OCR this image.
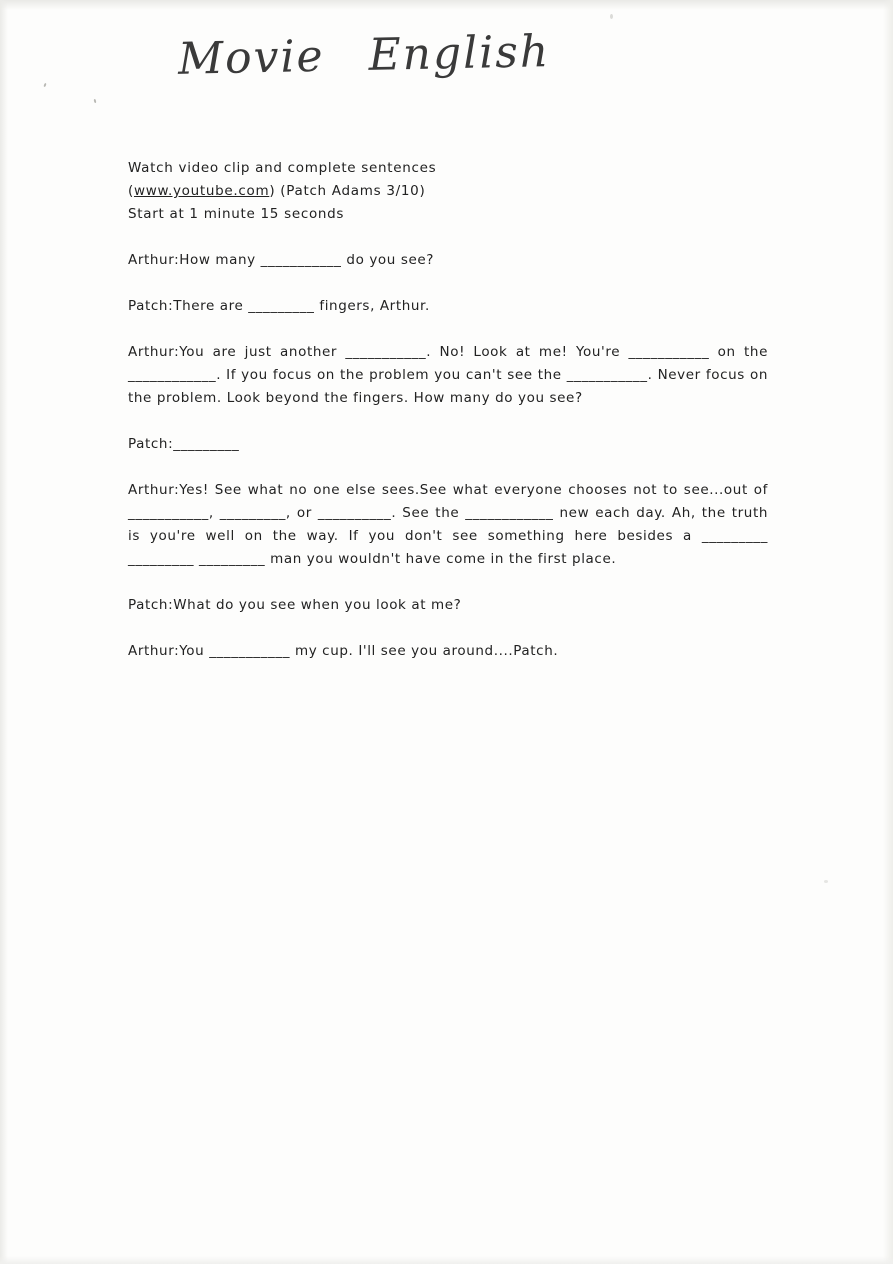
Movie English
Watch video clip and complete sentences
(www.youtube.com) (Patch Adams 3/10)
Start at 1 minute 15 seconds
Arthur:How many ___________ do you see?
Patch:There are _________ fingers, Arthur.
Arthur:You are just another ___________. No! Look at me! You're ___________ on the ____________. If you focus on the problem you can't see the ___________. Never focus on the problem. Look beyond the fingers. How many do you see?
Patch:_________
Arthur:Yes! See what no one else sees.See what everyone chooses not to see...out of ___________, _________, or __________. See the ____________ new each day. Ah, the truth is you're well on the way. If you don't see something here besides a _________ _________ _________ man you wouldn't have come in the first place.
Patch:What do you see when you look at me?
Arthur:You ___________ my cup. I'll see you around....Patch.
